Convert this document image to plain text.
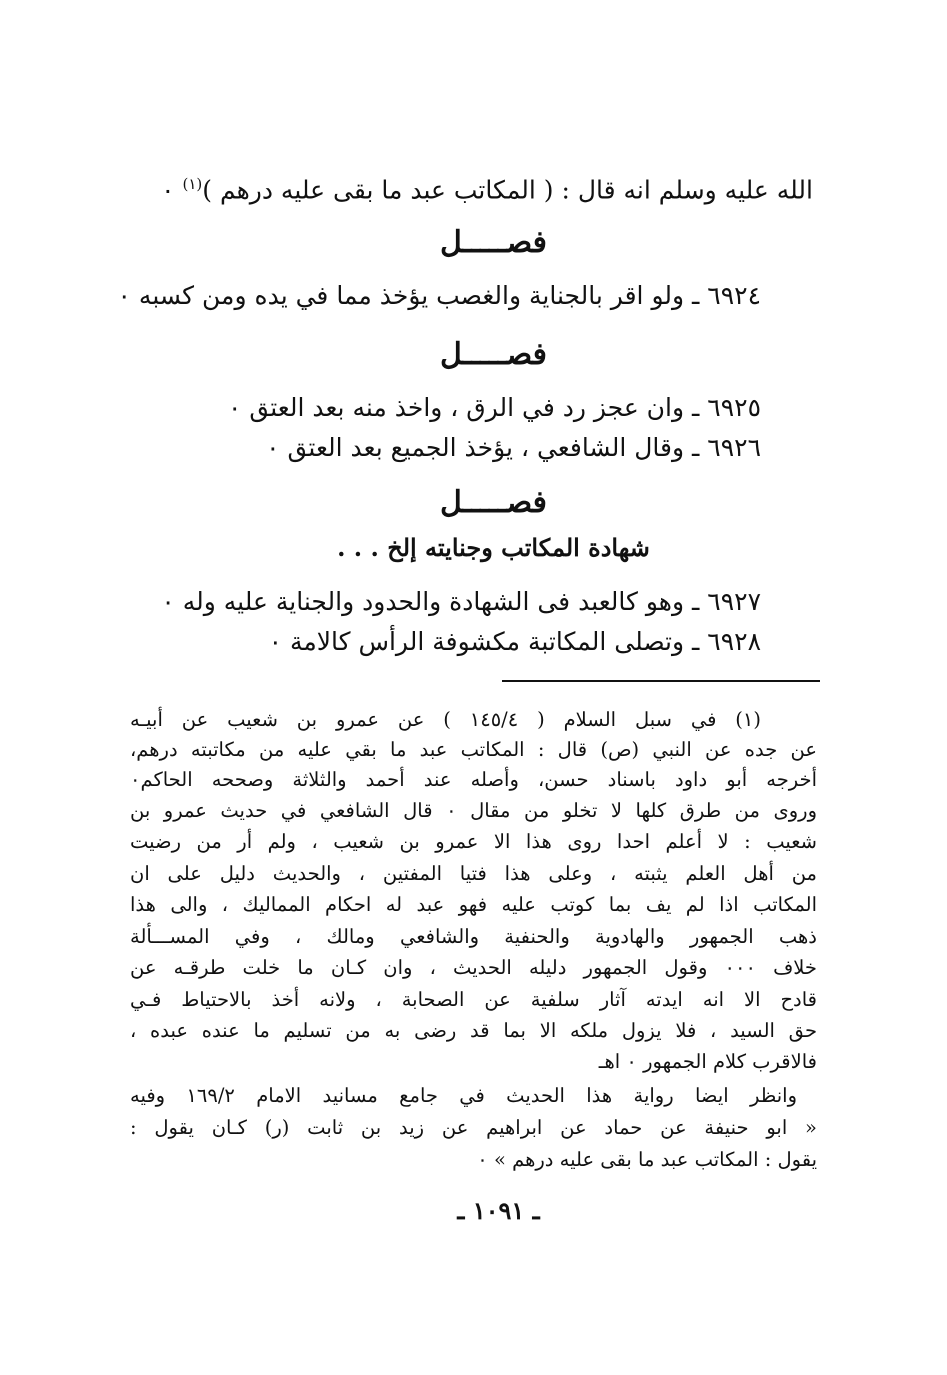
الله عليه وسلم انه قال : ( المكاتب عبد ما بقى عليه درهم )$^{(١)}$ ٠
فصـــــل
٦٩٢٤ ـ ولو اقر بالجناية والغصب يؤخذ مما في يده ومن كسبه ٠
فصـــــل
٦٩٢٥ ـ وان عجز رد في الرق ، واخذ منه بعد العتق ٠
٦٩٢٦ ـ وقال الشافعي ، يؤخذ الجميع بعد العتق ٠
فصـــــل
شهادة المكاتب وجنايته إلخ . . .
٦٩٢٧ ـ وهو كالعبد فى الشهادة والحدود والجناية عليه وله ٠
٦٩٢٨ ـ وتصلى المكاتبة مكشوفة الرأس كالامة ٠
(١) في سبل السلام ( ١٤٥/٤ ) عن عمرو بن شعيب عن أبيـه
عن جده عن النبي (ص) قال : المكاتب عبد ما بقي عليه من مكاتبته درهم،
أخرجه أبو داود باسناد حسن، وأصله عند أحمد والثلاثة وصححه الحاكم٠
وروى من طرق كلها لا تخلو من مقال ٠ قال الشافعي في حديث عمرو بن
شعيب : لا أعلم احدا روى هذا الا عمرو بن شعيب ، ولم أر من رضيت
من أهل العلم يثبته ، وعلى هذا فتيا المفتين ، والحديث دليل على ان
المكاتب اذا لم يف بما كوتب عليه فهو عبد له احكام المماليك ، والى هذا
ذهب الجمهور والهادوية والحنفية والشافعي ومالك ، وفي المســـألة
خلاف ٠٠٠ وقول الجمهور دليله الحديث ، وان كـان ما خلت طرقـه عن
قادح الا انه ايدته آثار سلفية عن الصحابة ، ولانه أخذ بالاحتياط فـي
حق السيد ، فلا يزول ملكه الا بما قد رضى به من تسليم ما عنده عبده ،
فالاقرب كلام الجمهور ٠ اهـ
وانظر ايضا رواية هذا الحديث في جامع مسانيد الامام ١٦٩/٢ وفيه
« ابو حنيفة عن حماد عن ابراهيم عن زيد بن ثابت (ر) كـان يقول :
يقول : المكاتب عبد ما بقى عليه درهم » ٠
ـ ١٠٩١ ـ
